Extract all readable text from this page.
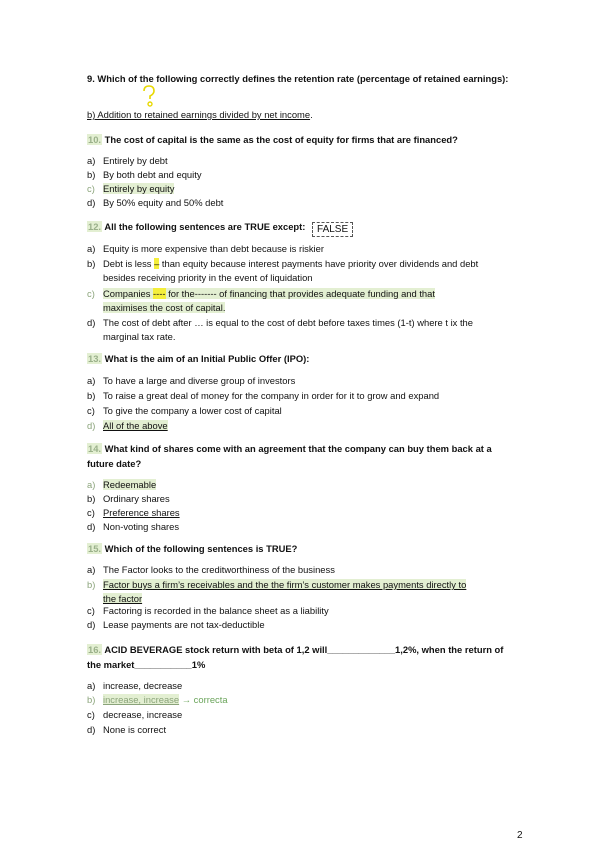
9. Which of the following correctly defines the retention rate (percentage of retained earnings):
b) Addition to retained earnings divided by net income.
10. The cost of capital is the same as the cost of equity for firms that are financed?
a) Entirely by debt
b) By both debt and equity
c) Entirely by equity
d) By 50% equity and 50% debt
12. All the following sentences are TRUE except: FALSE
a) Equity is more expensive than debt because is riskier
b) Debt is less – than equity because interest payments have priority over dividends and debt
besides receiving priority in the event of liquidation
c) Companies ---- for the------- of financing that provides adequate funding and that
maximises the cost of capital.
d) The cost of debt after … is equal to the cost of debt before taxes times (1-t) where t ix the
marginal tax rate.
13. What is the aim of an Initial Public Offer (IPO):
a) To have a large and diverse group of investors
b) To raise a great deal of money for the company in order for it to grow and expand
c) To give the company a lower cost of capital
d) All of the above
14. What kind of shares come with an agreement that the company can buy them back at a future date?
a) Redeemable
b) Ordinary shares
c) Preference shares
d) Non-voting shares
15. Which of the following sentences is TRUE?
a) The Factor looks to the creditworthiness of the business
b) Factor buys a firm’s receivables and the the firm’s customer makes payments directly to
the factor
c) Factoring is recorded in the balance sheet as a liability
d) Lease payments are not tax-deductible
16. ACID BEVERAGE stock return with beta of 1,2 will_____________1,2%, when the return of
the market___________1%
a) increase, decrease
b) increase, increase → correcta
c) decrease, increase
d) None is correct
2
